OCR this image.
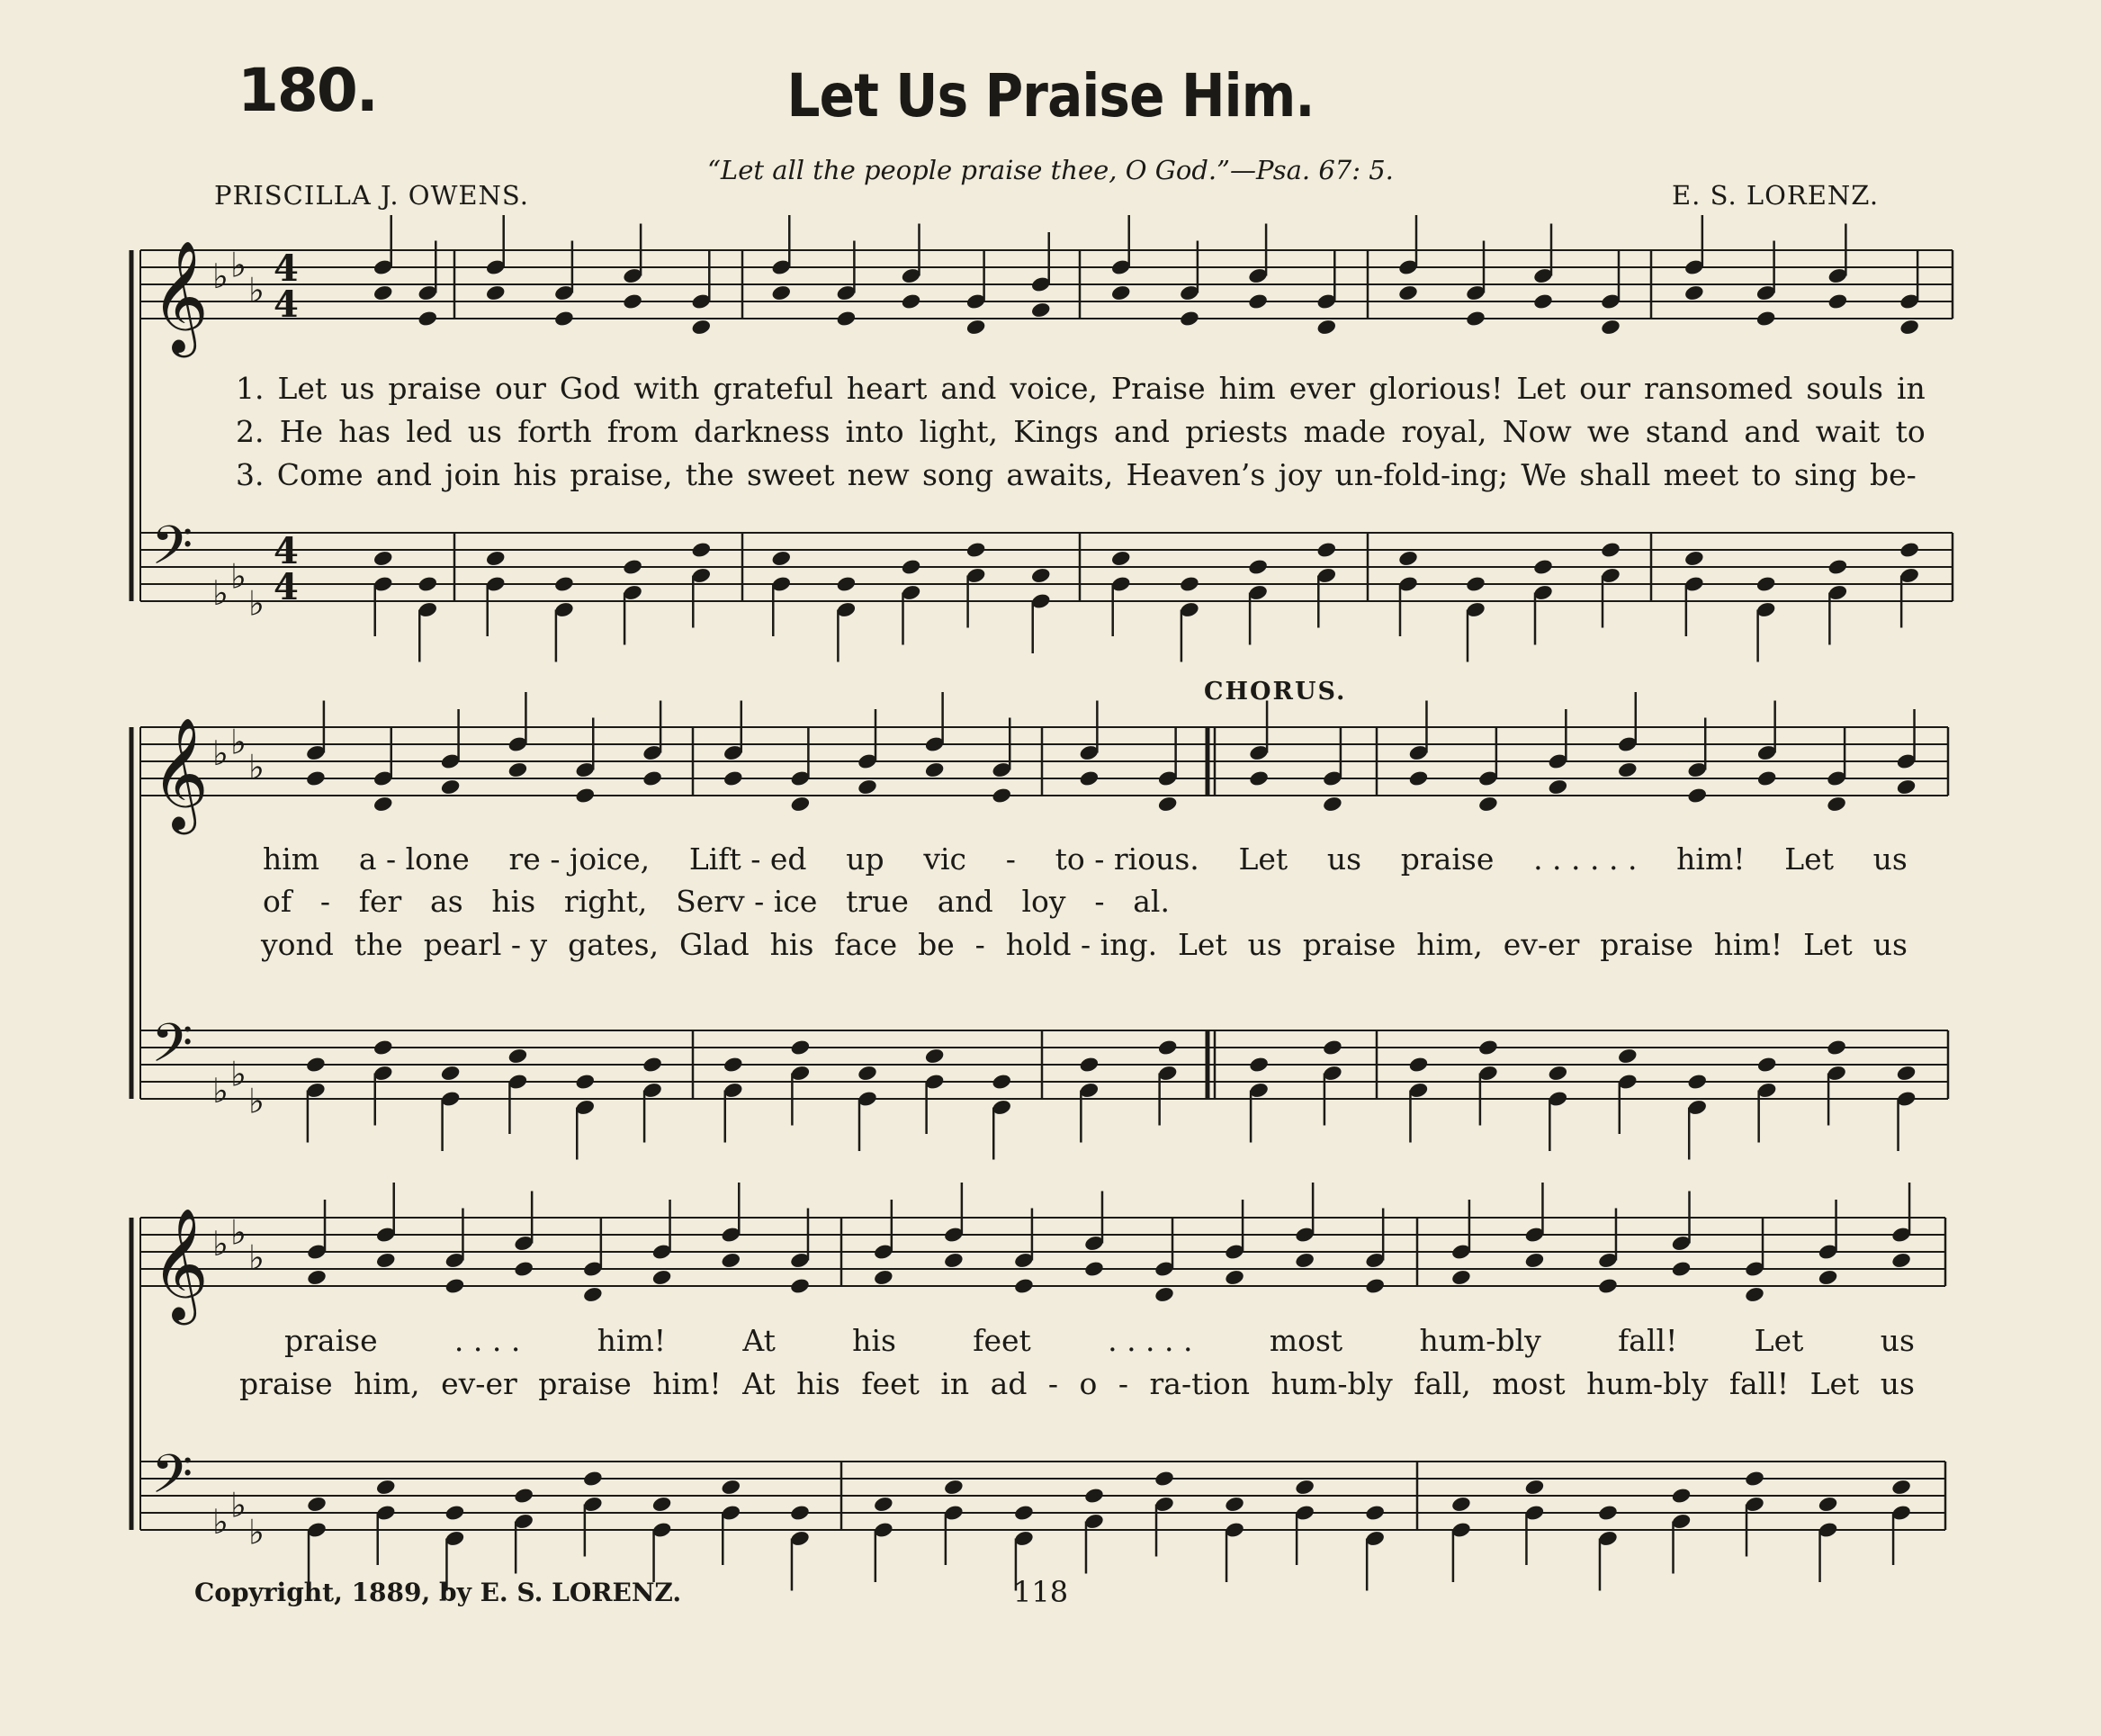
180.	Let Us Praise Him.
“Let all the people praise thee, O God.”—Psa. 67: 5.
PRISCILLA J. OWENS.	E. S. LORENZ.
𝄞 ♭ ♭
♭
4
4
𝄢
♭ ♭
♭
4
4
𝄞 ♭ ♭
♭
𝄢
♭ ♭
♭
𝄞 ♭ ♭
♭
𝄢
♭ ♭
♭
CHORUS.
1. Let us praise our God with grateful heart and voice, Praise him ever glorious! Let our ransomed souls in
2. He has led us forth from darkness into light, Kings and priests made royal, Now we stand and wait to
3. Come and join his praise, the sweet new song awaits, Heaven’s joy un-fold-ing; We shall meet to sing be-
him a - lone re - joice, Lift - ed up vic - to - rious. Let us praise . . . . . . him! Let us
of - fer as his right, Serv - ice true and loy - al.
yond the pearl - y gates, Glad his face be - hold - ing. Let us praise him, ev-er praise him! Let us
praise	. . . .	him!	At	his	feet	. . . . .	most	hum-bly	fall!	Let	us
praise him, ev-er praise him! At his feet in ad - o - ra-tion hum-bly fall, most hum-bly fall! Let us
Copyright, 1889, by E. S. LORENZ.	118
